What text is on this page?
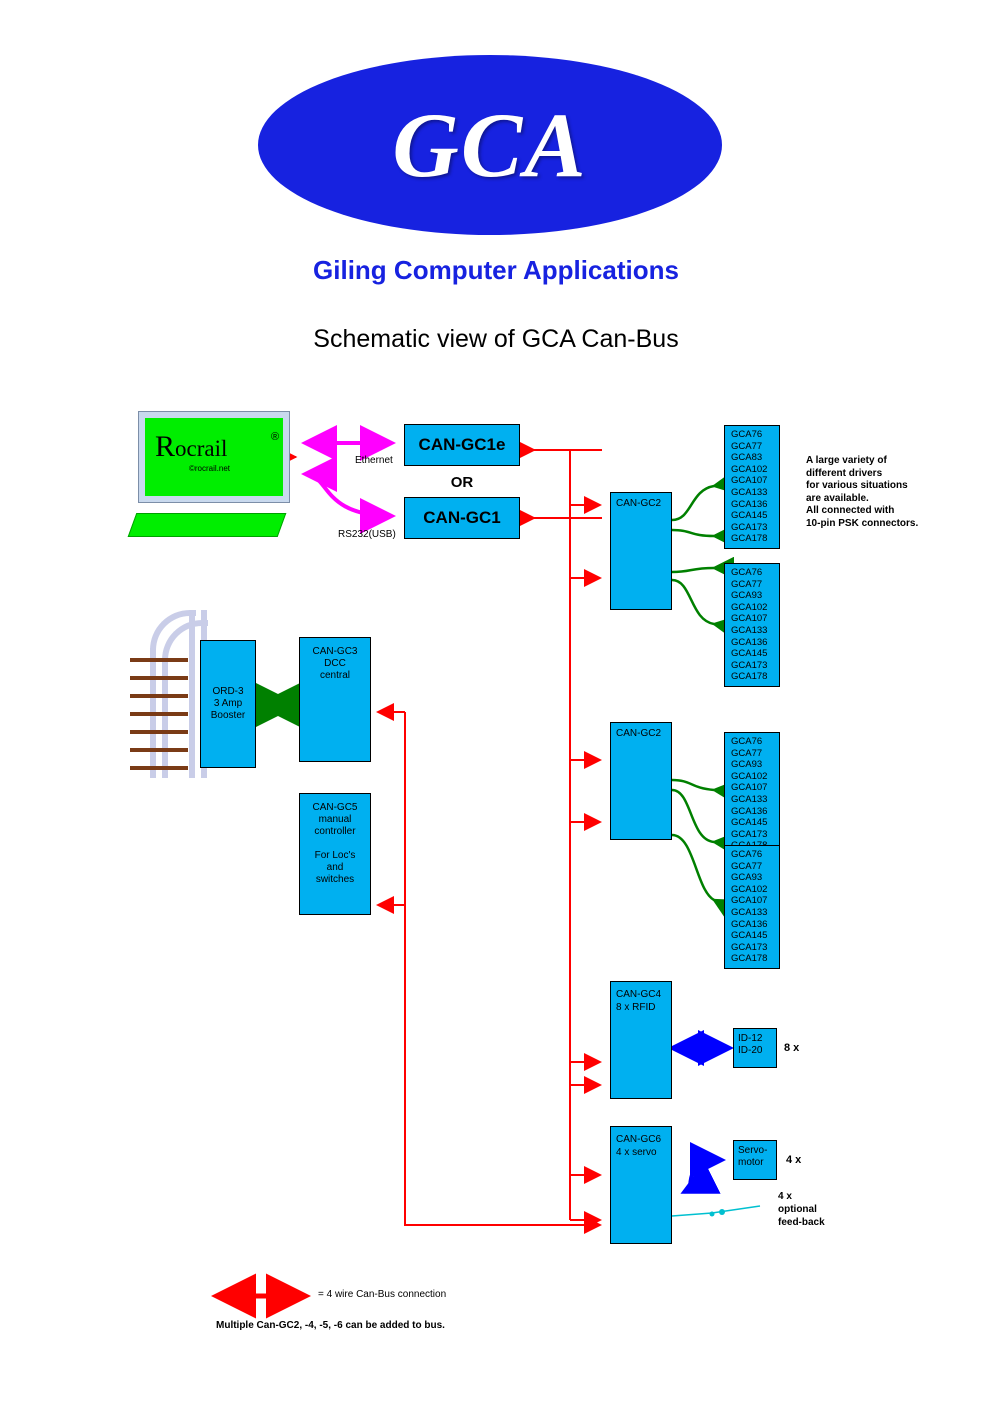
GCA
Giling Computer Applications
Schematic view of GCA Can-Bus
Rocrail	®
©rocrail.net
Ethernet
RS232(USB)
OR
CAN-GC1e
CAN-GC1
CAN-GC2
CAN-GC2
GCA76
GCA77
GCA83
GCA102
GCA107
GCA133
GCA136
GCA145
GCA173
GCA178
GCA76
GCA77
GCA93
GCA102
GCA107
GCA133
GCA136
GCA145
GCA173
GCA178
GCA76
GCA77
GCA93
GCA102
GCA107
GCA133
GCA136
GCA145
GCA173
GCA76
GCA77
GCA93
GCA102
GCA107
GCA133
GCA136
GCA145
GCA173
GCA178
A large variety of
different drivers
for various situations
are available.
All connected with
10-pin PSK connectors.
ORD-3
3 Amp
Booster
CAN-GC3
DCC
central
CAN-GC5
manual
controller
For Loc's
and
switches
CAN-GC4
8 x RFID
ID-12
ID-20	8 x
CAN-GC6
4 x servo	Servo-
motor	4 x
4 x
optional
feed-back
= 4 wire Can-Bus connection
Multiple Can-GC2, -4, -5, -6 can be added to bus.
